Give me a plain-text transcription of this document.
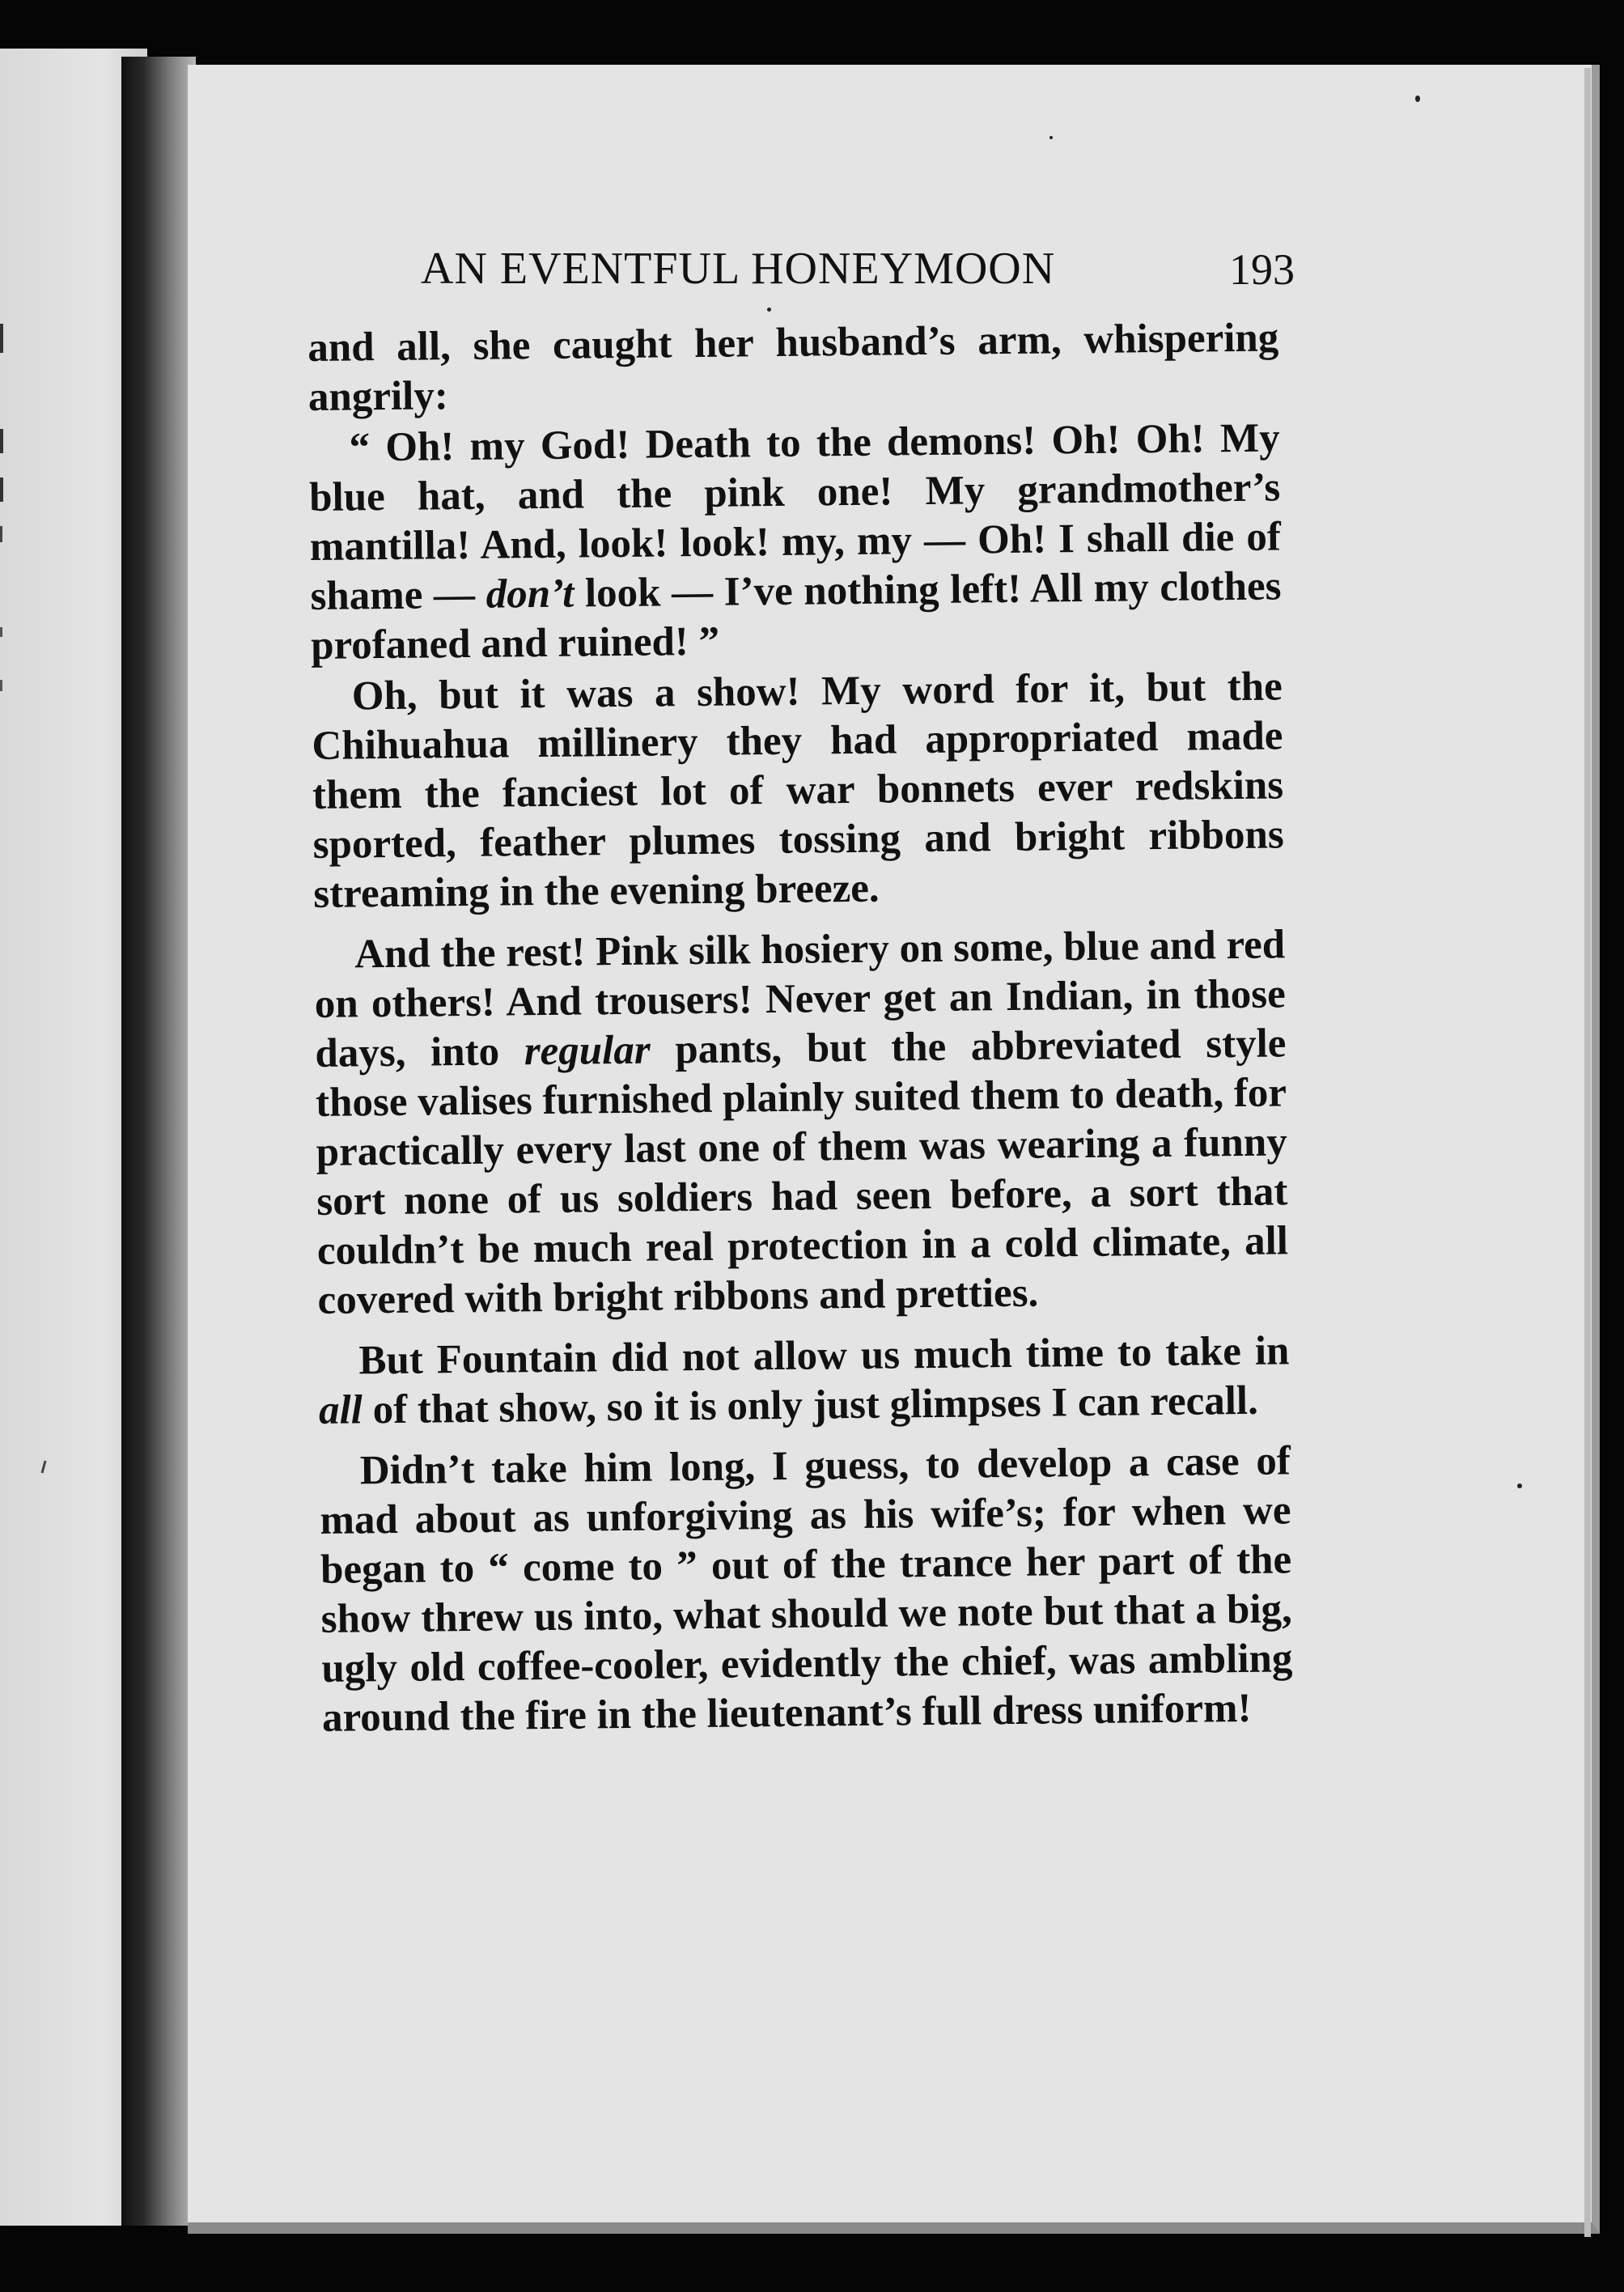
AN EVENTFUL HONEYMOON	193

and all, she caught her husband’s arm, whispering angrily:

“ Oh! my God! Death to the demons! Oh! Oh! My blue hat, and the pink one! My grandmother’s mantilla! And, look! look! my, my — Oh! I shall die of shame — don’t look — I’ve nothing left! All my clothes profaned and ruined! ”

Oh, but it was a show! My word for it, but the Chihuahua millinery they had appropriated made them the fanciest lot of war bonnets ever redskins sported, feather plumes tossing and bright ribbons streaming in the evening breeze.

And the rest! Pink silk hosiery on some, blue and red on others! And trousers! Never get an Indian, in those days, into regular pants, but the abbreviated style those valises furnished plainly suited them to death, for practically every last one of them was wearing a funny sort none of us soldiers had seen before, a sort that couldn’t be much real protection in a cold climate, all covered with bright ribbons and pretties.

But Fountain did not allow us much time to take in all of that show, so it is only just glimpses I can recall.

Didn’t take him long, I guess, to develop a case of mad about as unforgiving as his wife’s; for when we began to “ come to ” out of the trance her part of the show threw us into, what should we note but that a big, ugly old coffee-cooler, evidently the chief, was ambling around the fire in the lieutenant’s full dress uniform!
